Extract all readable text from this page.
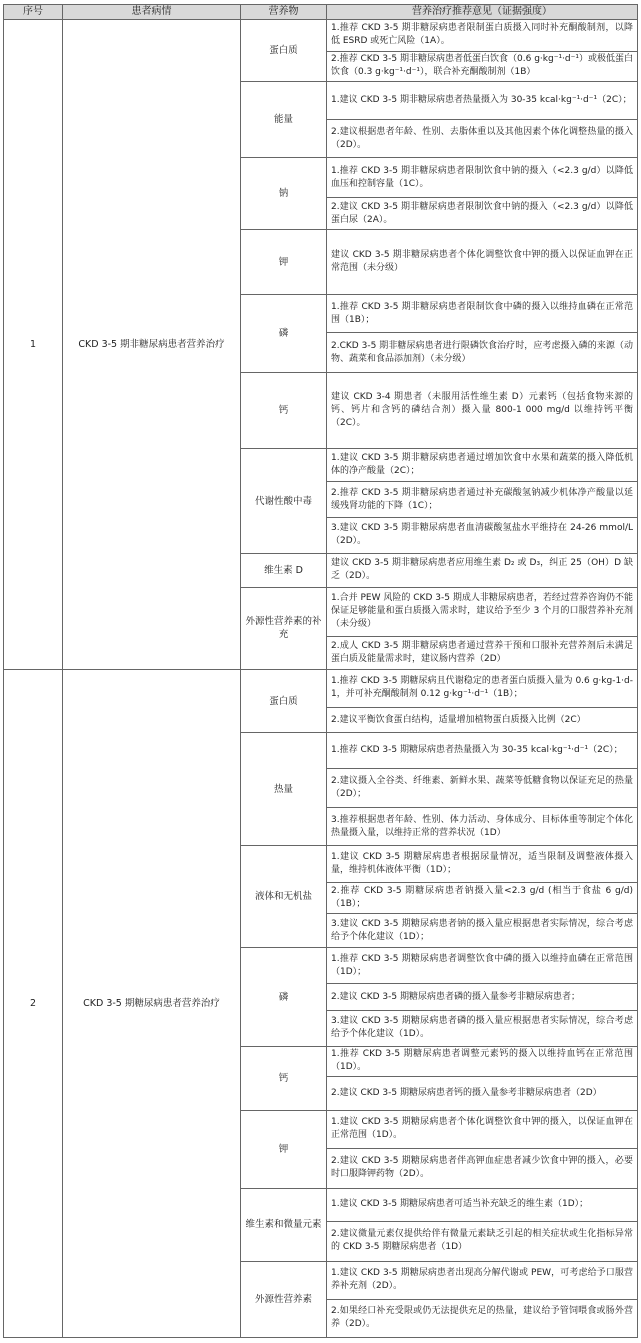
序号	患者病情	营养物	营养治疗推荐意见（证据强度）
1	CKD 3-5 期非糖尿病患者营养治疗	蛋白质	1.推荐 CKD 3-5 期非糖尿病患者限制蛋白质摄入同时补充酮酸制剂，以降低 ESRD 或死亡风险（1A）。
			2.推荐 CKD 3-5 期非糖尿病患者低蛋白饮食（0.6 g·kg⁻¹·d⁻¹）或极低蛋白饮食（0.3 g·kg⁻¹·d⁻¹），联合补充酮酸制剂（1B）
		能量	1.建议 CKD 3-5 期非糖尿病患者热量摄入为 30-35 kcal·kg⁻¹·d⁻¹（2C）；
			2.建议根据患者年龄、性别、去脂体重以及其他因素个体化调整热量的摄入（2D）。
		钠	1.推荐 CKD 3-5 期非糖尿病患者限制饮食中钠的摄入（<2.3 g/d）以降低血压和控制容量（1C）。
			2.建议 CKD 3-5 期非糖尿病患者限制饮食中钠的摄入（<2.3 g/d）以降低蛋白尿（2A）。
		钾	建议 CKD 3-5 期非糖尿病患者个体化调整饮食中钾的摄入以保证血钾在正常范围（未分级）
		磷	1.推荐 CKD 3-5 期非糖尿病患者限制饮食中磷的摄入以维持血磷在正常范围（1B）；
			2.CKD 3-5 期非糖尿病患者进行限磷饮食治疗时，应考虑摄入磷的来源（动物、蔬菜和食品添加剂）（未分级）
		钙	建议 CKD 3-4 期患者（未服用活性维生素 D）元素钙（包括食物来源的钙、钙片和含钙的磷结合剂）摄入量 800-1 000 mg/d 以维持钙平衡（2C）。
		代谢性酸中毒	1.建议 CKD 3-5 期非糖尿病患者通过增加饮食中水果和蔬菜的摄入降低机体的净产酸量（2C）；
			2.推荐 CKD 3-5 期非糖尿病患者通过补充碳酸氢钠减少机体净产酸量以延缓残肾功能的下降（1C）；
			3.建议 CKD 3-5 期非糖尿病患者血清碳酸氢盐水平维持在 24-26 mmol/L（2D）。
		维生素 D	建议 CKD 3-5 期非糖尿病患者应用维生素 D₂ 或 D₃，纠正 25（OH）D 缺乏（2D）。
		外源性营养素的补充	1.合并 PEW 风险的 CKD 3-5 期成人非糖尿病患者，若经过营养咨询仍不能保证足够能量和蛋白质摄入需求时，建议给予至少 3 个月的口服营养补充剂（未分级）
			2.成人 CKD 3-5 期非糖尿病患者通过营养干预和口服补充营养剂后未满足蛋白质及能量需求时，建议肠内营养（2D）
2	CKD 3-5 期糖尿病患者营养治疗	蛋白质	1.推荐 CKD 3-5 期糖尿病且代谢稳定的患者蛋白质摄入量为 0.6 g·kg-1·d-1，并可补充酮酸制剂 0.12 g·kg⁻¹·d⁻¹（1B）；
			2.建议平衡饮食蛋白结构，适量增加植物蛋白质摄入比例（2C）
		热量	1.推荐 CKD 3-5 期糖尿病患者热量摄入为 30-35 kcal·kg⁻¹·d⁻¹（2C）；
			2.建议摄入全谷类、纤维素、新鲜水果、蔬菜等低糖食物以保证充足的热量（2D）；
			3.推荐根据患者年龄、性别、体力活动、身体成分、目标体重等制定个体化热量摄入量，以维持正常的营养状况（1D）
		液体和无机盐	1.建议 CKD 3-5 期糖尿病患者根据尿量情况，适当限制及调整液体摄入量，维持机体液体平衡（1D）；
			2.推荐 CKD 3-5 期糖尿病患者钠摄入量<2.3 g/d (相当于食盐 6 g/d)（1B）；
			3.建议 CKD 3-5 期糖尿病患者钠的摄入量应根据患者实际情况，综合考虑给予个体化建议（1D）；
		磷	1.推荐 CKD 3-5 期糖尿病患者调整饮食中磷的摄入以维持血磷在正常范围（1D）；
			2.建议 CKD 3-5 期糖尿病患者磷的摄入量参考非糖尿病患者；
			3.建议 CKD 3-5 期糖尿病患者磷的摄入量应根据患者实际情况，综合考虑给予个体化建议（1D）。
		钙	1.推荐 CKD 3-5 期糖尿病患者调整元素钙的摄入以维持血钙在正常范围（1D）。
			2.建议 CKD 3-5 期糖尿病患者钙的摄入量参考非糖尿病患者（2D）
		钾	1.建议 CKD 3-5 期糖尿病患者个体化调整饮食中钾的摄入，以保证血钾在正常范围（1D）。
			2.建议 CKD 3-5 期糖尿病患者伴高钾血症患者减少饮食中钾的摄入，必要时口服降钾药物（2D）。
		维生素和微量元素	1.建议 CKD 3-5 期糖尿病患者可适当补充缺乏的维生素（1D）；
			2.建议微量元素仅提供给伴有微量元素缺乏引起的相关症状或生化指标异常的 CKD 3-5 期糖尿病患者（1D）
		外源性营养素	1.建议 CKD 3-5 期糖尿病患者出现高分解代谢或 PEW，可考虑给予口服营养补充剂（2D）。
			2.如果经口补充受限或仍无法提供充足的热量，建议给予管饲喂食或肠外营养（2D）。
